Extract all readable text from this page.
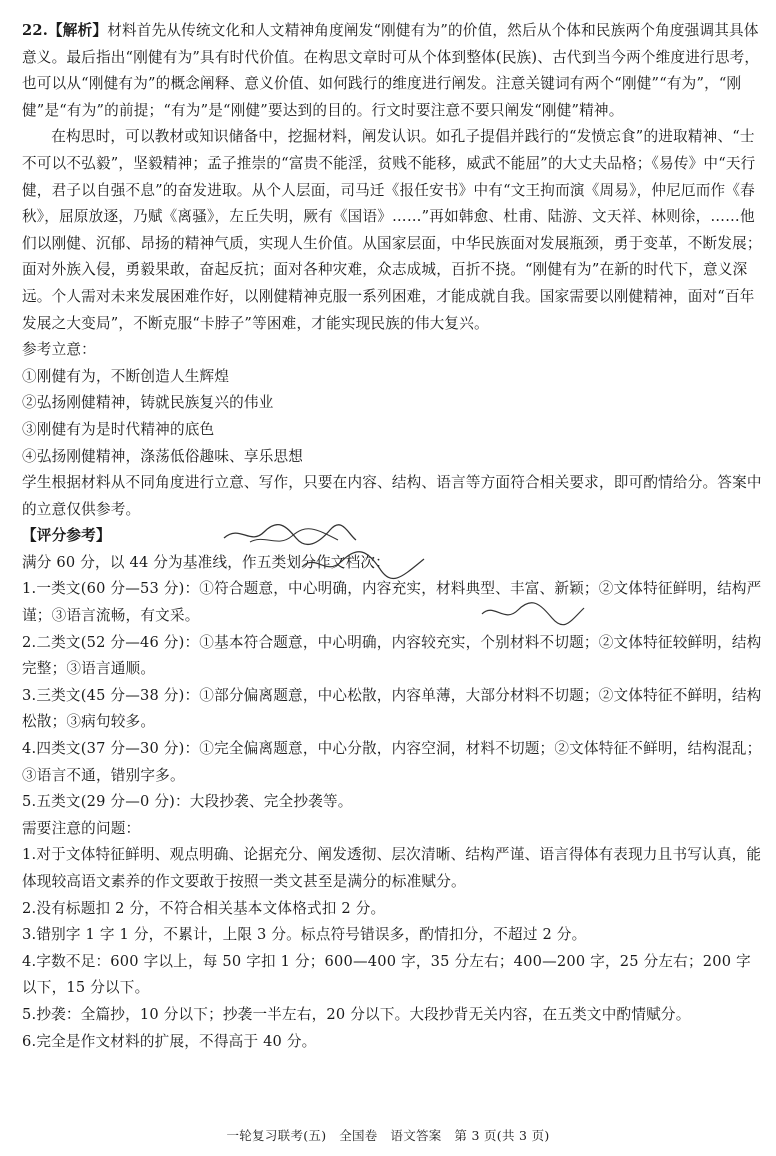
22.【解析】材料首先从传统文化和人文精神角度阐发“刚健有为”的价值，然后从个体和民族两个角度强调其具体意义。最后指出“刚健有为”具有时代价值。在构思文章时可从个体到整体(民族)、古代到当今两个维度进行思考，也可以从“刚健有为”的概念阐释、意义价值、如何践行的维度进行阐发。注意关键词有两个“刚健”“有为”，“刚健”是“有为”的前提；“有为”是“刚健”要达到的目的。行文时要注意不要只阐发“刚健”精神。

在构思时，可以教材或知识储备中，挖掘材料，阐发认识。如孔子提倡并践行的“发愤忘食”的进取精神、“士不可以不弘毅”，坚毅精神；孟子推崇的“富贵不能淫，贫贱不能移，威武不能屈”的大丈夫品格；《易传》中“天行健，君子以自强不息”的奋发进取。从个人层面，司马迁《报任安书》中有“文王拘而演《周易》，仲尼厄而作《春秋》，屈原放逐，乃赋《离骚》，左丘失明，厥有《国语》……”再如韩愈、杜甫、陆游、文天祥、林则徐，……他们以刚健、沉郁、昂扬的精神气质，实现人生价值。从国家层面，中华民族面对发展瓶颈，勇于变革，不断发展；面对外族入侵，勇毅果敢，奋起反抗；面对各种灾难，众志成城，百折不挠。“刚健有为”在新的时代下，意义深远。个人需对未来发展困难作好，以刚健精神克服一系列困难，才能成就自我。国家需要以刚健精神，面对“百年发展之大变局”，不断克服“卡脖子”等困难，才能实现民族的伟大复兴。

参考立意：

①刚健有为，不断创造人生辉煌

②弘扬刚健精神，铸就民族复兴的伟业

③刚健有为是时代精神的底色

④弘扬刚健精神，涤荡低俗趣味、享乐思想

学生根据材料从不同角度进行立意、写作，只要在内容、结构、语言等方面符合相关要求，即可酌情给分。答案中的立意仅供参考。

【评分参考】

满分 60 分，以 44 分为基准线，作五类划分作文档次：

1.一类文(60 分—53 分)：①符合题意，中心明确，内容充实，材料典型、丰富、新颖；②文体特征鲜明，结构严谨；③语言流畅，有文采。

2.二类文(52 分—46 分)：①基本符合题意，中心明确，内容较充实，个别材料不切题；②文体特征较鲜明，结构完整；③语言通顺。

3.三类文(45 分—38 分)：①部分偏离题意，中心松散，内容单薄，大部分材料不切题；②文体特征不鲜明，结构松散；③病句较多。

4.四类文(37 分—30 分)：①完全偏离题意，中心分散，内容空洞，材料不切题；②文体特征不鲜明，结构混乱；③语言不通，错别字多。

5.五类文(29 分—0 分)：大段抄袭、完全抄袭等。

需要注意的问题：

1.对于文体特征鲜明、观点明确、论据充分、阐发透彻、层次清晰、结构严谨、语言得体有表现力且书写认真，能体现较高语文素养的作文要敢于按照一类文甚至是满分的标准赋分。

2.没有标题扣 2 分，不符合相关基本文体格式扣 2 分。

3.错别字 1 字 1 分，不累计，上限 3 分。标点符号错误多，酌情扣分，不超过 2 分。

4.字数不足：600 字以上，每 50 字扣 1 分；600—400 字，35 分左右；400—200 字，25 分左右；200 字以下，15 分以下。

5.抄袭：全篇抄，10 分以下；抄袭一半左右，20 分以下。大段抄背无关内容，在五类文中酌情赋分。

6.完全是作文材料的扩展，不得高于 40 分。

一轮复习联考(五)　全国卷　语文答案　第 3 页(共 3 页)
